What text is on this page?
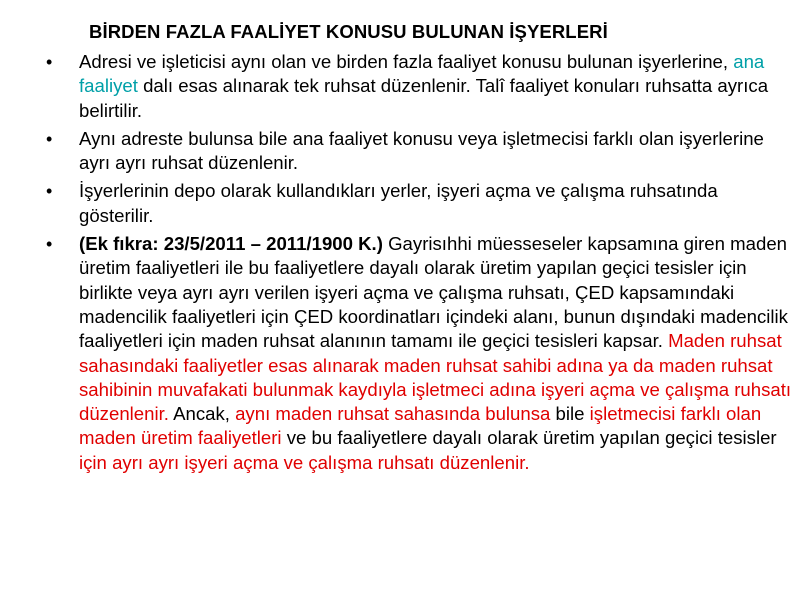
BİRDEN FAZLA FAALİYET KONUSU BULUNAN İŞYERLERİ
• Adresi ve işleticisi aynı olan ve birden fazla faaliyet konusu bulunan işyerlerine, ana faaliyet dalı esas alınarak tek ruhsat düzenlenir. Talî faaliyet konuları ruhsatta ayrıca belirtilir.
• Aynı adreste bulunsa bile ana faaliyet konusu veya işletmecisi farklı olan işyerlerine ayrı ayrı ruhsat düzenlenir.
• İşyerlerinin depo olarak kullandıkları yerler, işyeri açma ve çalışma ruhsatında gösterilir.
• (Ek fıkra: 23/5/2011 – 2011/1900 K.) Gayrisıhhi müesseseler kapsamına giren maden üretim faaliyetleri ile bu faaliyetlere dayalı olarak üretim yapılan geçici tesisler için birlikte veya ayrı ayrı verilen işyeri açma ve çalışma ruhsatı, ÇED kapsamındaki madencilik faaliyetleri için ÇED koordinatları içindeki alanı, bunun dışındaki madencilik faaliyetleri için maden ruhsat alanının tamamı ile geçici tesisleri kapsar. Maden ruhsat sahasındaki faaliyetler esas alınarak maden ruhsat sahibi adına ya da maden ruhsat sahibinin muvafakati bulunmak kaydıyla işletmeci adına işyeri açma ve çalışma ruhsatı düzenlenir. Ancak, aynı maden ruhsat sahasında bulunsa bile işletmecisi farklı olan maden üretim faaliyetleri ve bu faaliyetlere dayalı olarak üretim yapılan geçici tesisler için ayrı ayrı işyeri açma ve çalışma ruhsatı düzenlenir.
